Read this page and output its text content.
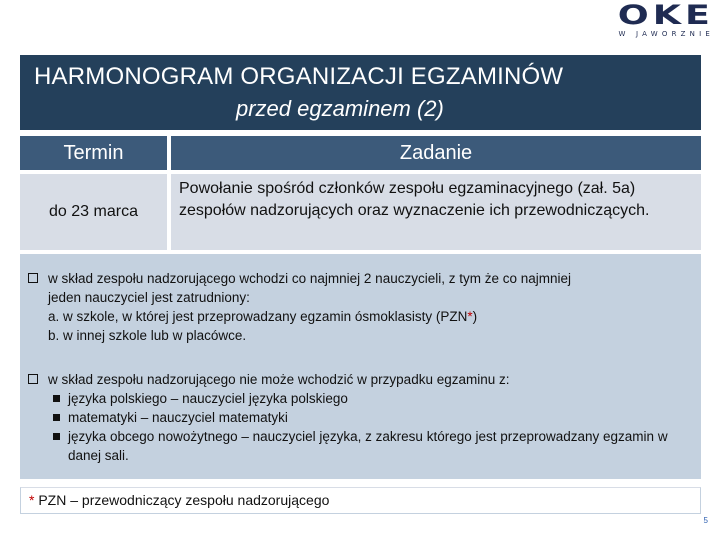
OKE
W JAWORZNIE
HARMONOGRAM ORGANIZACJI EGZAMINÓW
przed egzaminem (2)
Termin	Zadanie
do 23 marca
Powołanie spośród członków zespołu egzaminacyjnego (zał. 5a) zespołów nadzorujących oraz wyznaczenie ich przewodniczących.
w skład zespołu nadzorującego wchodzi co najmniej 2 nauczycieli, z tym że co najmniej
jeden nauczyciel jest zatrudniony:
a. w szkole, w której jest przeprowadzany egzamin ósmoklasisty (PZN*)
b. w innej szkole lub w placówce.
w skład zespołu nadzorującego nie może wchodzić w przypadku egzaminu z:
języka polskiego – nauczyciel języka polskiego
matematyki – nauczyciel matematyki
języka obcego nowożytnego – nauczyciel języka, z zakresu którego jest przeprowadzany egzamin w danej sali.
* PZN – przewodniczący zespołu nadzorującego
5
